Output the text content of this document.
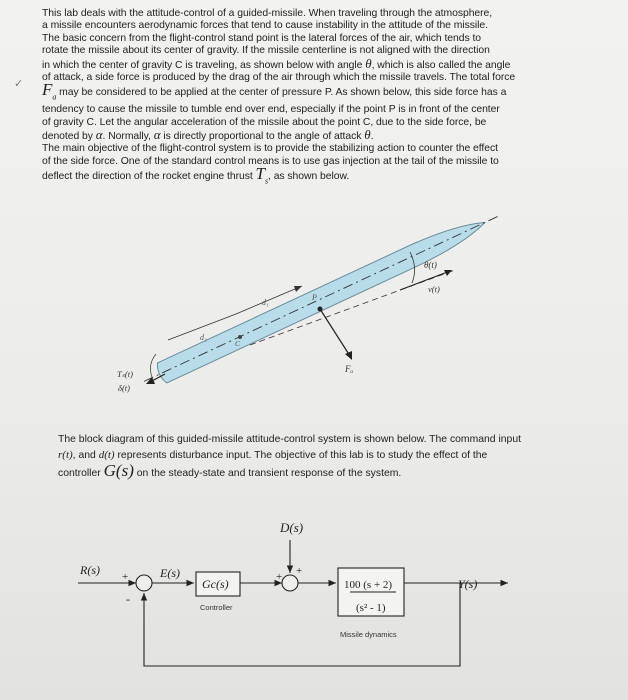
✓
This lab deals with the attitude-control of a guided-missile. When traveling through the atmosphere,
a missile encounters aerodynamic forces that tend to cause instability in the attitude of the missile.
The basic concern from the flight-control stand point is the lateral forces of the air, which tends to
rotate the missile about its center of gravity. If the missile centerline is not aligned with the direction
in which the center of gravity C is traveling, as shown below with angle θ, which is also called the angle
of attack, a side force is produced by the drag of the air through which the missile travels. The total force
$F_a$ may be considered to be applied at the center of pressure P. As shown below, this side force has a
tendency to cause the missile to tumble end over end, especially if the point P is in front of the center
of gravity C. Let the angular acceleration of the missile about the point C, due to the side force, be
denoted by α. Normally, α is directly proportional to the angle of attack θ.
The main objective of the flight-control system is to provide the stabilizing action to counter the effect
of the side force. One of the standard control means is to use gas injection at the tail of the missile to
deflect the direction of the rocket engine thrust $T_s$, as shown below.
θ(t)
v(t)
P
Fₐ
C
d₁
d₂
Tₛ(t)
δ(t)
The block diagram of this guided-missile attitude-control system is shown below. The command input
r(t), and d(t) represents disturbance input. The objective of this lab is to study the effect of the
controller G(s) on the steady-state and transient response of the system.
R(s) +
-
E(s)
Gc(s)
Controller
D(s)
+
+
100 (s + 2)
(s² - 1)
Missile dynamics
Y(s)
